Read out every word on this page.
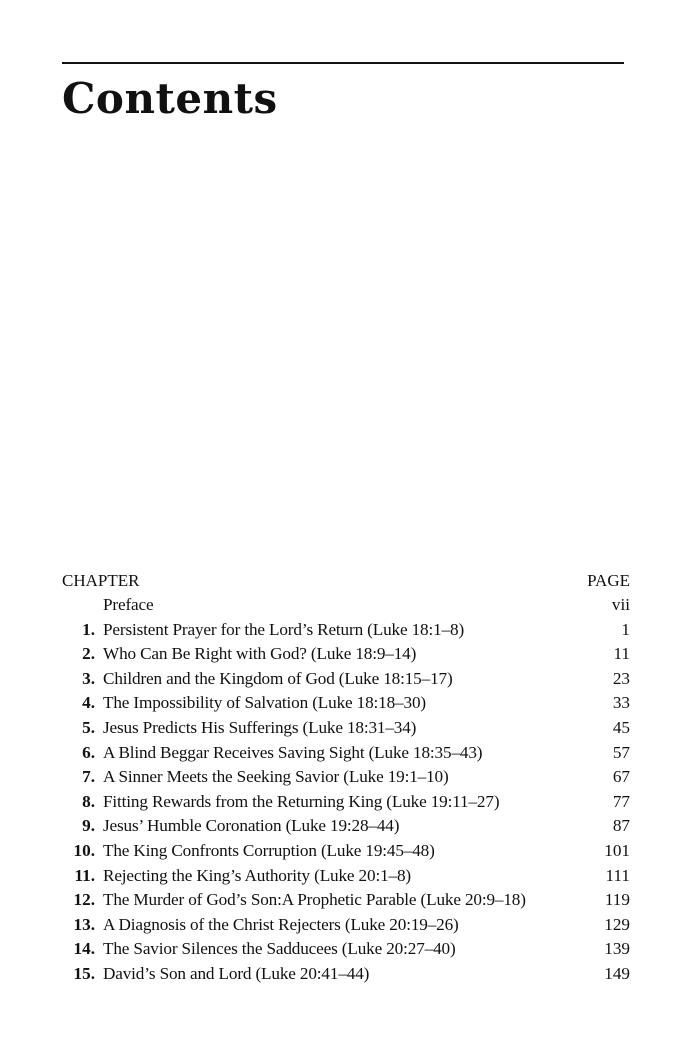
Contents
CHAPTER	PAGE
Preface	vii
1. Persistent Prayer for the Lord’s Return (Luke 18:1–8)	1
2. Who Can Be Right with God? (Luke 18:9–14)	11
3. Children and the Kingdom of God (Luke 18:15–17)	23
4. The Impossibility of Salvation (Luke 18:18–30)	33
5. Jesus Predicts His Sufferings (Luke 18:31–34)	45
6. A Blind Beggar Receives Saving Sight (Luke 18:35–43)	57
7. A Sinner Meets the Seeking Savior (Luke 19:1–10)	67
8. Fitting Rewards from the Returning King (Luke 19:11–27)	77
9. Jesus’ Humble Coronation (Luke 19:28–44)	87
10. The King Confronts Corruption (Luke 19:45–48)	101
11. Rejecting the King’s Authority (Luke 20:1–8)	111
12. The Murder of God’s Son:A Prophetic Parable (Luke 20:9–18)	119
13. A Diagnosis of the Christ Rejecters (Luke 20:19–26)	129
14. The Savior Silences the Sadducees (Luke 20:27–40)	139
15. David’s Son and Lord (Luke 20:41–44)	149
